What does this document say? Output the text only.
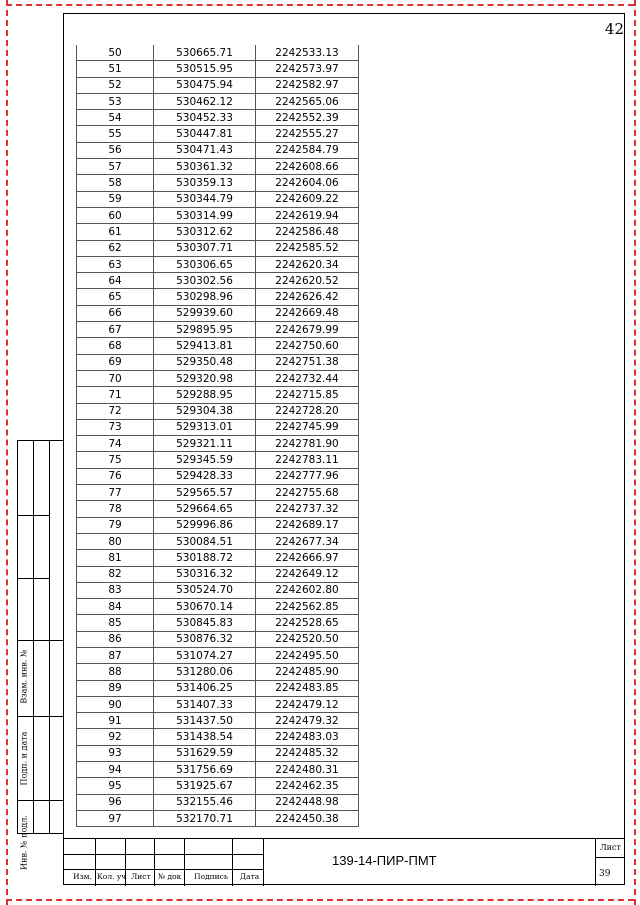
42
50	530665.71	2242533.13
51	530515.95	2242573.97
52	530475.94	2242582.97
53	530462.12	2242565.06
54	530452.33	2242552.39
55	530447.81	2242555.27
56	530471.43	2242584.79
57	530361.32	2242608.66
58	530359.13	2242604.06
59	530344.79	2242609.22
60	530314.99	2242619.94
61	530312.62	2242586.48
62	530307.71	2242585.52
63	530306.65	2242620.34
64	530302.56	2242620.52
65	530298.96	2242626.42
66	529939.60	2242669.48
67	529895.95	2242679.99
68	529413.81	2242750.60
69	529350.48	2242751.38
70	529320.98	2242732.44
71	529288.95	2242715.85
72	529304.38	2242728.20
73	529313.01	2242745.99
74	529321.11	2242781.90
75	529345.59	2242783.11
76	529428.33	2242777.96
77	529565.57	2242755.68
78	529664.65	2242737.32
79	529996.86	2242689.17
80	530084.51	2242677.34
81	530188.72	2242666.97
82	530316.32	2242649.12
83	530524.70	2242602.80
84	530670.14	2242562.85
85	530845.83	2242528.65
86	530876.32	2242520.50
87	531074.27	2242495.50
88	531280.06	2242485.90
89	531406.25	2242483.85
90	531407.33	2242479.12
91	531437.50	2242479.32
92	531438.54	2242483.03
93	531629.59	2242485.32
94	531756.69	2242480.31
95	531925.67	2242462.35
96	532155.46	2242448.98
97	532170.71	2242450.38
Взам. инв. №
Подп. и дата
Инв. № подл.
Изм. Кол. уч Лист № док Подпись Дата
139-14-ПИР-ПМТ
Лист
39
